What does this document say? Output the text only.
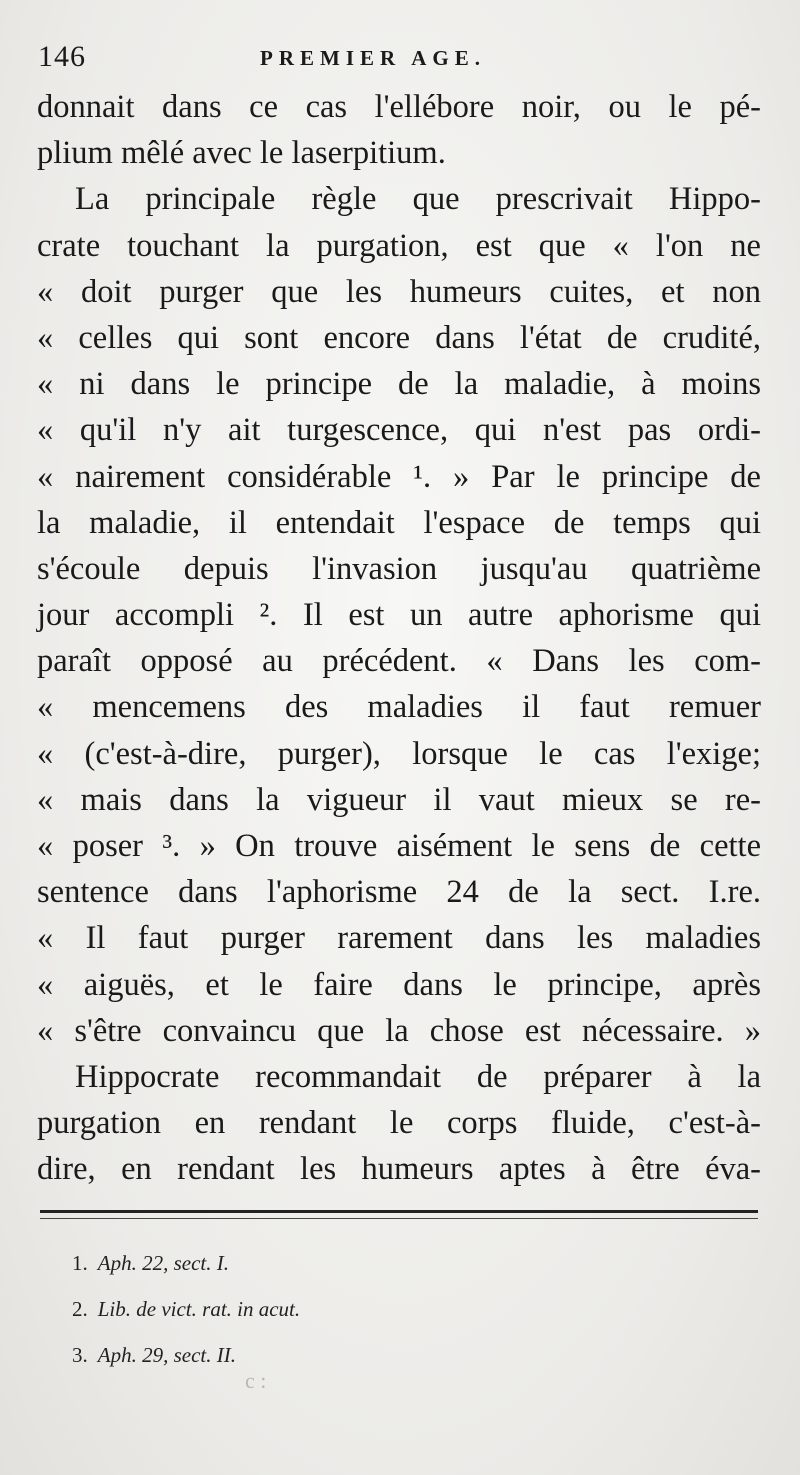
146	PREMIER AGE.
donnait dans ce cas l'ellébore noir, ou le pé-
plium mêlé avec le laserpitium.
La principale règle que prescrivait Hippo-
crate touchant la purgation, est que « l'on ne
« doit purger que les humeurs cuites, et non
« celles qui sont encore dans l'état de crudité,
« ni dans le principe de la maladie, à moins
« qu'il n'y ait turgescence, qui n'est pas ordi-
« nairement considérable ¹. » Par le principe de
la maladie, il entendait l'espace de temps qui
s'écoule depuis l'invasion jusqu'au quatrième
jour accompli ². Il est un autre aphorisme qui
paraît opposé au précédent. « Dans les com-
« mencemens des maladies il faut remuer
« (c'est-à-dire, purger), lorsque le cas l'exige;
« mais dans la vigueur il vaut mieux se re-
« poser ³. » On trouve aisément le sens de cette
sentence dans l'aphorisme 24 de la sect. I.re.
« Il faut purger rarement dans les maladies
« aiguës, et le faire dans le principe, après
« s'être convaincu que la chose est nécessaire. »
Hippocrate recommandait de préparer à la
purgation en rendant le corps fluide, c'est-à-
dire, en rendant les humeurs aptes à être éva-
1. Aph. 22, sect. I.
2. Lib. de vict. rat. in acut.
3. Aph. 29, sect. II.
c :
